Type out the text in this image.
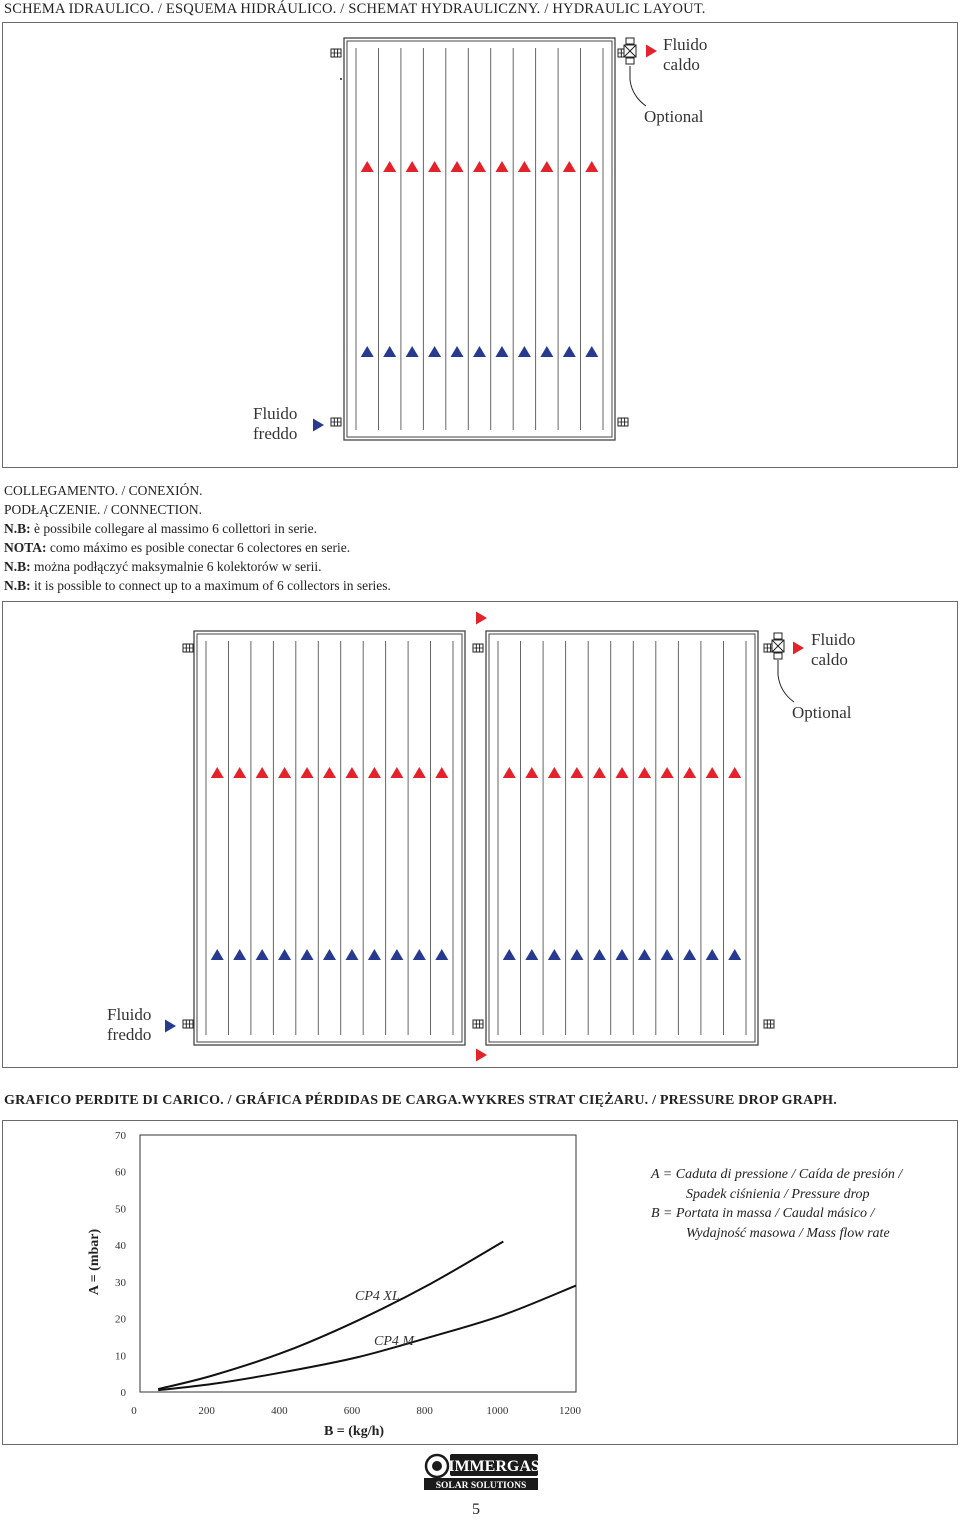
SCHEMA IDRAULICO. / ESQUEMA HIDRÁULICO. / SCHEMAT HYDRAULICZNY. / HYDRAULIC LAYOUT.
Fluido
caldo
Optional
Fluido
freddo
COLLEGAMENTO. / CONEXIÓN.
PODŁĄCZENIE. / CONNECTION.
N.B: è possibile collegare al massimo 6 collettori in serie.
NOTA: como máximo es posible conectar 6 colectores en serie.
N.B: można podłączyć maksymalnie 6 kolektorów w serii.
N.B: it is possible to connect up to a maximum of 6 collectors in series.
Fluido
caldo
Optional
Fluido
freddo
GRAFICO PERDITE DI CARICO. / GRÁFICA PÉRDIDAS DE CARGA.WYKRES STRAT CIĘŻARU. / PRESSURE DROP GRAPH.
0
10
20
30
40
50
60
70
0	200	400	600	800	1000	1200
A = (mbar)
B = (kg/h)
CP4 XL
CP4 M
A = Caduta di pressione / Caída de presión /
Spadek ciśnienia / Pressure drop
B = Portata in massa / Caudal másico /
Wydajność masowa / Mass flow rate
IMMERGAS
SOLAR SOLUTIONS
5
